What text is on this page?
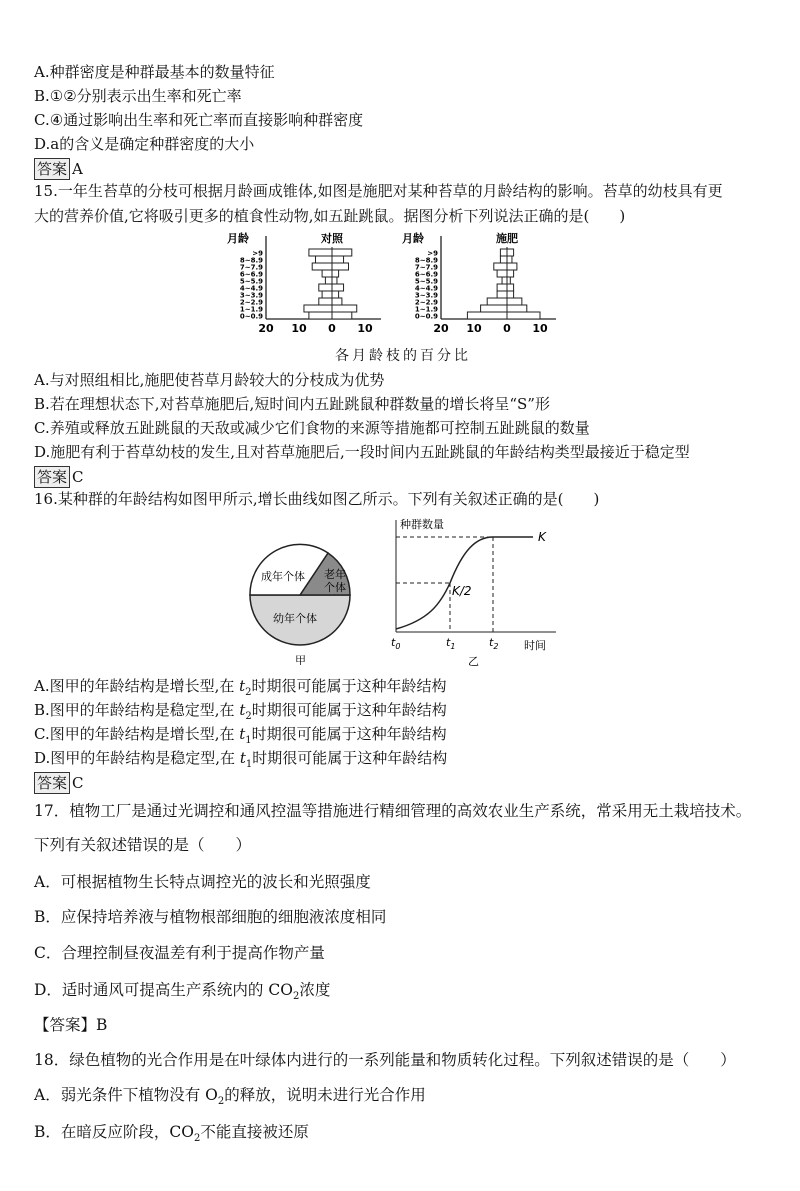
A.种群密度是种群最基本的数量特征
B.①②分别表示出生率和死亡率
C.④通过影响出生率和死亡率而直接影响种群密度
D.a的含义是确定种群密度的大小
答案 A
15.一年生苔草的分枝可根据月龄画成锥体,如图是施肥对某种苔草的月龄结构的影响。苔草的幼枝具有更
大的营养价值,它将吸引更多的植食性动物,如五趾跳鼠。据图分析下列说法正确的是(　　)
0~0.9
1~1.9
2~2.9
3~3.9
4~4.9
5~5.9
6~6.9
7~7.9
8~8.9
>9
20 10 0 10
月龄	对照
0~0.9
1~1.9
2~2.9
3~3.9
4~4.9
5~5.9
6~6.9
7~7.9
8~8.9
>9
20 10 0 10
月龄	施肥
各月龄枝的百分比
A.与对照组相比,施肥使苔草月龄较大的分枝成为优势
B.若在理想状态下,对苔草施肥后,短时间内五趾跳鼠种群数量的增长将呈“S”形
C.养殖或释放五趾跳鼠的天敌或减少它们食物的来源等措施都可控制五趾跳鼠的数量
D.施肥有利于苔草幼枝的发生,且对苔草施肥后,一段时间内五趾跳鼠的年龄结构类型最接近于稳定型
答案 C
16.某种群的年龄结构如图甲所示,增长曲线如图乙所示。下列有关叙述正确的是(　　)
成年个体 老年
个体
幼年个体
甲
种群数量
K
K/2
$t_0$	$t_1$	$t_2$ 时间
乙
A.图甲的年龄结构是增长型,在 $t_2$时期很可能属于这种年龄结构
B.图甲的年龄结构是稳定型,在 $t_2$时期很可能属于这种年龄结构
C.图甲的年龄结构是增长型,在 $t_1$时期很可能属于这种年龄结构
D.图甲的年龄结构是稳定型,在 $t_1$时期很可能属于这种年龄结构
答案 C
17．植物工厂是通过光调控和通风控温等措施进行精细管理的高效农业生产系统，常采用无土栽培技术。
下列有关叙述错误的是（　　）
A．可根据植物生长特点调控光的波长和光照强度
B．应保持培养液与植物根部细胞的细胞液浓度相同
C．合理控制昼夜温差有利于提高作物产量
D．适时通风可提高生产系统内的 $CO_2$浓度
【答案】B
18．绿色植物的光合作用是在叶绿体内进行的一系列能量和物质转化过程。下列叙述错误的是（　　）
A．弱光条件下植物没有 $O_2$的释放，说明未进行光合作用
B．在暗反应阶段，$CO_2$不能直接被还原
